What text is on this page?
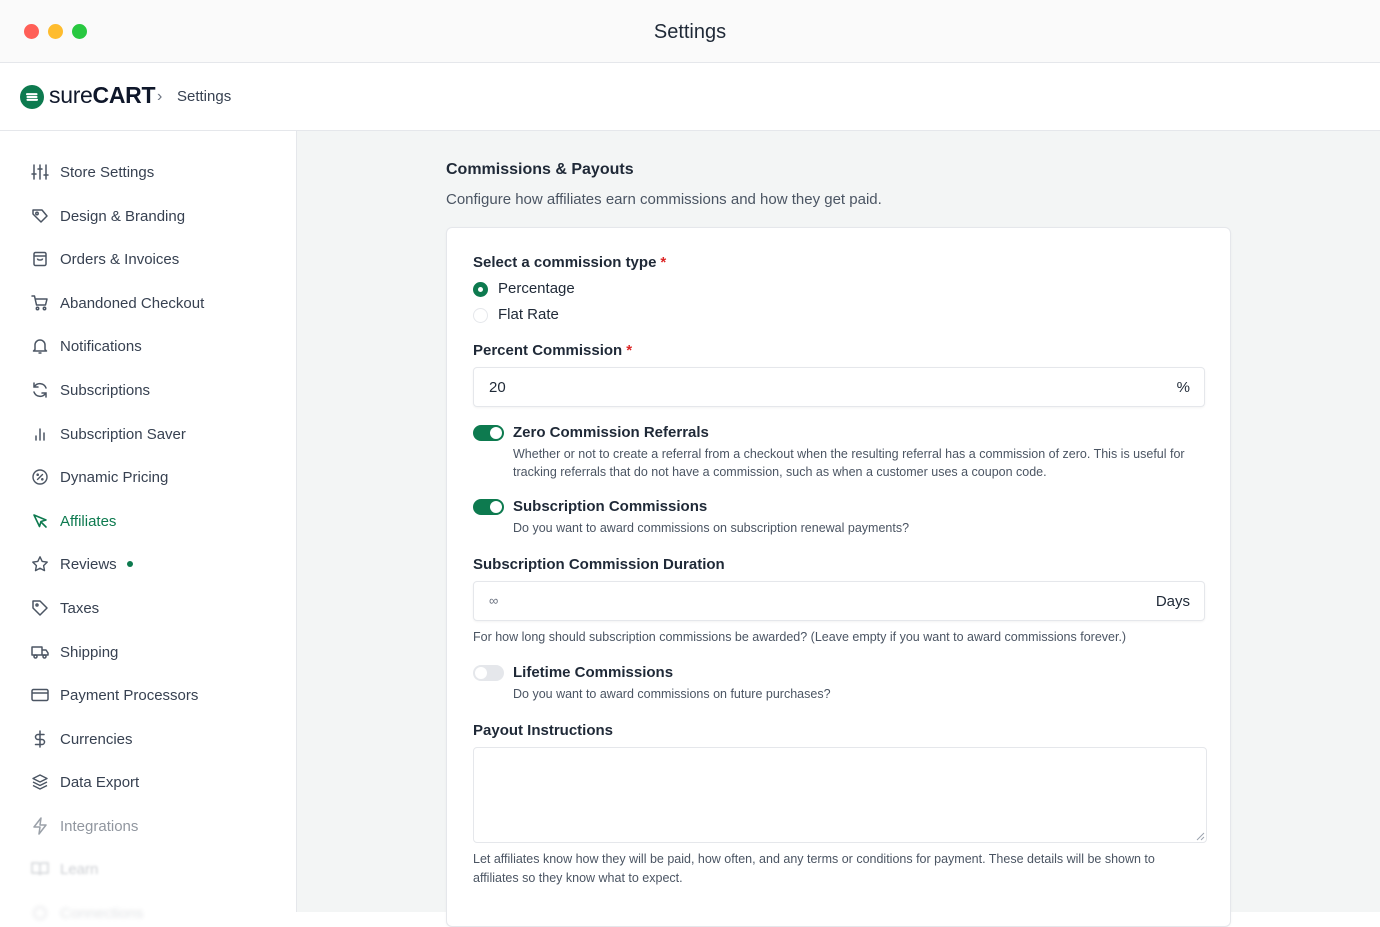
Settings
sureCART › Settings
Store Settings
Design & Branding
Orders & Invoices
Abandoned Checkout
Notifications
Subscriptions
Subscription Saver
Dynamic Pricing
Affiliates
Reviews
Taxes
Shipping
Payment Processors
Currencies
Data Export
Integrations
Learn
Connections
Commissions & Payouts
Configure how affiliates earn commissions and how they get paid.
Select a commission type *
Percentage
Flat Rate
Percent Commission *
20	%
Zero Commission Referrals
Whether or not to create a referral from a checkout when the resulting referral has a commission of zero. This is useful for tracking referrals that do not have a commission, such as when a customer uses a coupon code.
Subscription Commissions
Do you want to award commissions on subscription renewal payments?
Subscription Commission Duration
∞	Days
For how long should subscription commissions be awarded? (Leave empty if you want to award commissions forever.)
Lifetime Commissions
Do you want to award commissions on future purchases?
Payout Instructions
Let affiliates know how they will be paid, how often, and any terms or conditions for payment. These details will be shown to affiliates so they know what to expect.
